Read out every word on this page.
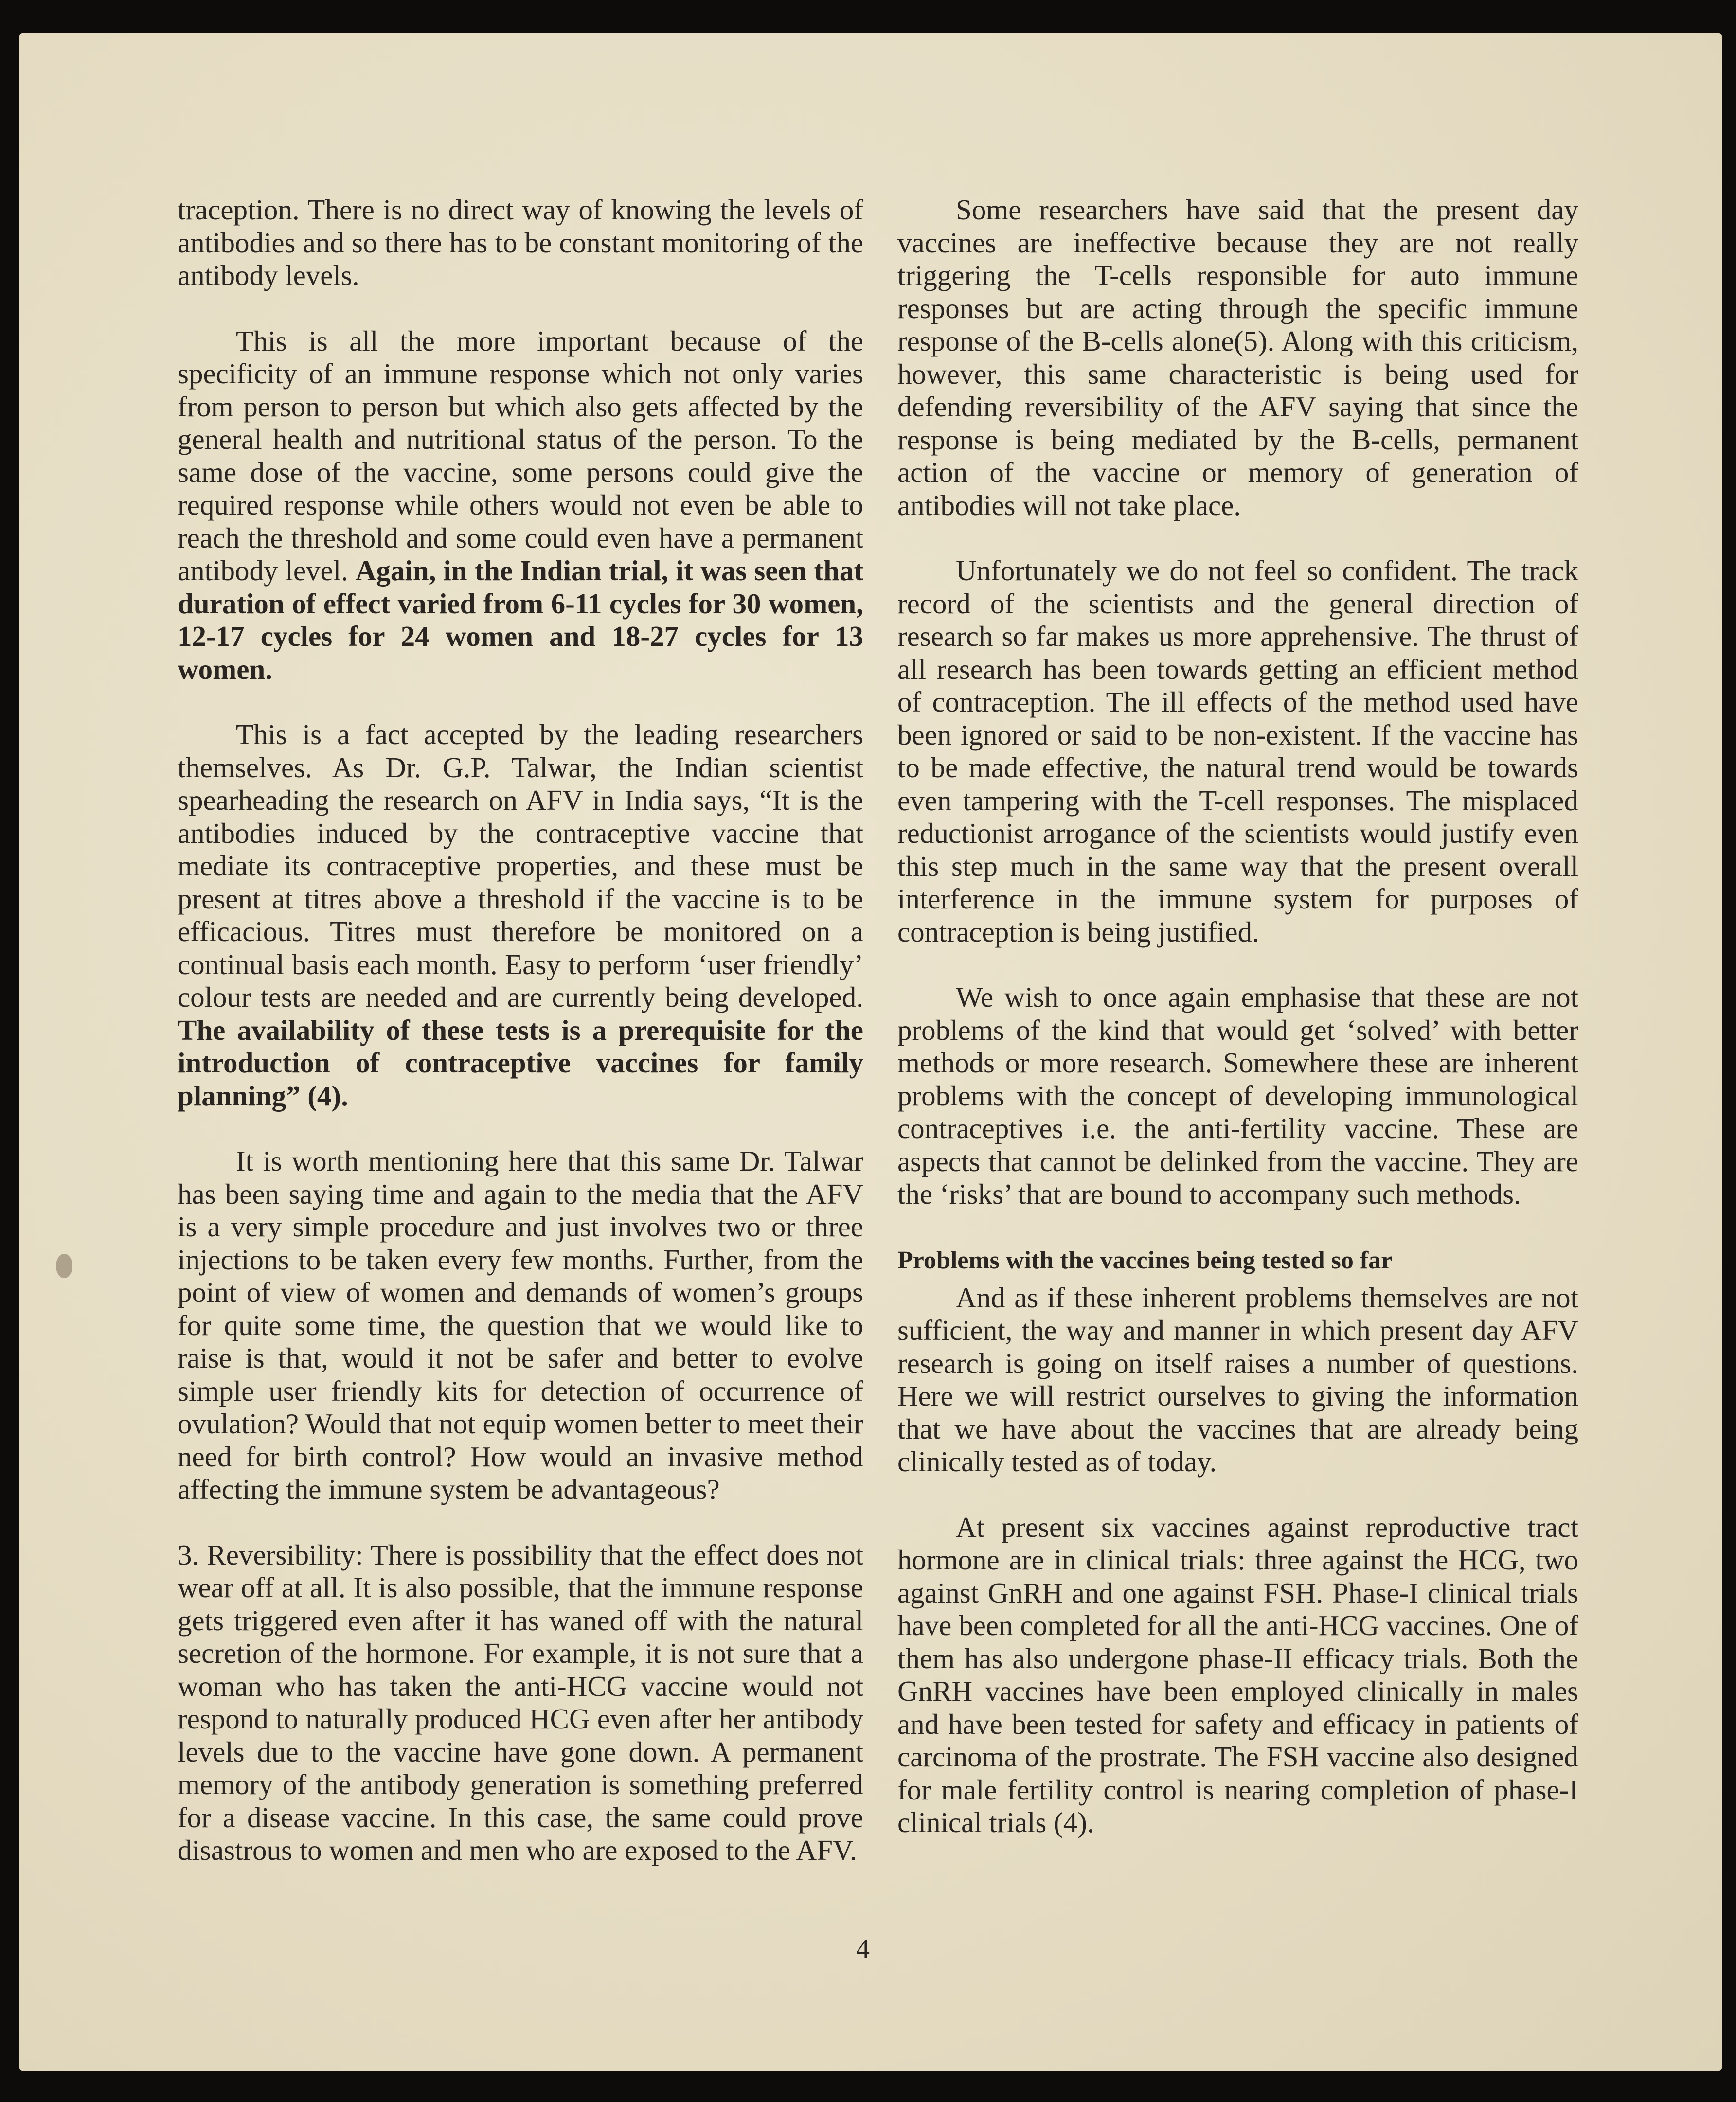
traception. There is no direct way of knowing the levels of antibodies and so there has to be constant monitoring of the antibody levels.

This is all the more important because of the specificity of an immune response which not only varies from person to person but which also gets affected by the general health and nutritional status of the person. To the same dose of the vaccine, some persons could give the required response while others would not even be able to reach the threshold and some could even have a permanent antibody level. Again, in the Indian trial, it was seen that duration of effect varied from 6-11 cycles for 30 women, 12-17 cycles for 24 women and 18-27 cycles for 13 women.

This is a fact accepted by the leading researchers themselves. As Dr. G.P. Talwar, the Indian scientist spearheading the research on AFV in India says, “It is the antibodies induced by the contraceptive vaccine that mediate its contraceptive properties, and these must be present at titres above a threshold if the vaccine is to be efficacious. Titres must therefore be monitored on a continual basis each month. Easy to perform ‘user friendly’ colour tests are needed and are currently being developed. The availability of these tests is a prerequisite for the introduction of contraceptive vaccines for family planning” (4).

It is worth mentioning here that this same Dr. Talwar has been saying time and again to the media that the AFV is a very simple procedure and just involves two or three injections to be taken every few months. Further, from the point of view of women and demands of women’s groups for quite some time, the question that we would like to raise is that, would it not be safer and better to evolve simple user friendly kits for detection of occurrence of ovulation? Would that not equip women better to meet their need for birth control? How would an invasive method affecting the immune system be advantageous?

3. Reversibility: There is possibility that the effect does not wear off at all. It is also possible, that the immune response gets triggered even after it has waned off with the natural secretion of the hormone. For example, it is not sure that a woman who has taken the anti-HCG vaccine would not respond to naturally produced HCG even after her antibody levels due to the vaccine have gone down. A permanent memory of the antibody generation is something preferred for a disease vaccine. In this case, the same could prove disastrous to women and men who are exposed to the AFV.

Some researchers have said that the present day vaccines are ineffective because they are not really triggering the T-cells responsible for auto immune responses but are acting through the specific immune response of the B-cells alone(5). Along with this criticism, however, this same characteristic is being used for defending reversibility of the AFV saying that since the response is being mediated by the B-cells, permanent action of the vaccine or memory of generation of antibodies will not take place.

Unfortunately we do not feel so confident. The track record of the scientists and the general direction of research so far makes us more apprehensive. The thrust of all research has been towards getting an efficient method of contraception. The ill effects of the method used have been ignored or said to be non-existent. If the vaccine has to be made effective, the natural trend would be towards even tampering with the T-cell responses. The misplaced reductionist arrogance of the scientists would justify even this step much in the same way that the present overall interference in the immune system for purposes of contraception is being justified.

We wish to once again emphasise that these are not problems of the kind that would get ‘solved’ with better methods or more research. Somewhere these are inherent problems with the concept of developing immunological contraceptives i.e. the anti-fertility vaccine. These are aspects that cannot be delinked from the vaccine. They are the ‘risks’ that are bound to accompany such methods.

Problems with the vaccines being tested so far

And as if these inherent problems themselves are not sufficient, the way and manner in which present day AFV research is going on itself raises a number of questions. Here we will restrict ourselves to giving the information that we have about the vaccines that are already being clinically tested as of today.

At present six vaccines against reproductive tract hormone are in clinical trials: three against the HCG, two against GnRH and one against FSH. Phase-I clinical trials have been completed for all the anti-HCG vaccines. One of them has also undergone phase-II efficacy trials. Both the GnRH vaccines have been employed clinically in males and have been tested for safety and efficacy in patients of carcinoma of the prostrate. The FSH vaccine also designed for male fertility control is nearing completion of phase-I clinical trials (4).

4
